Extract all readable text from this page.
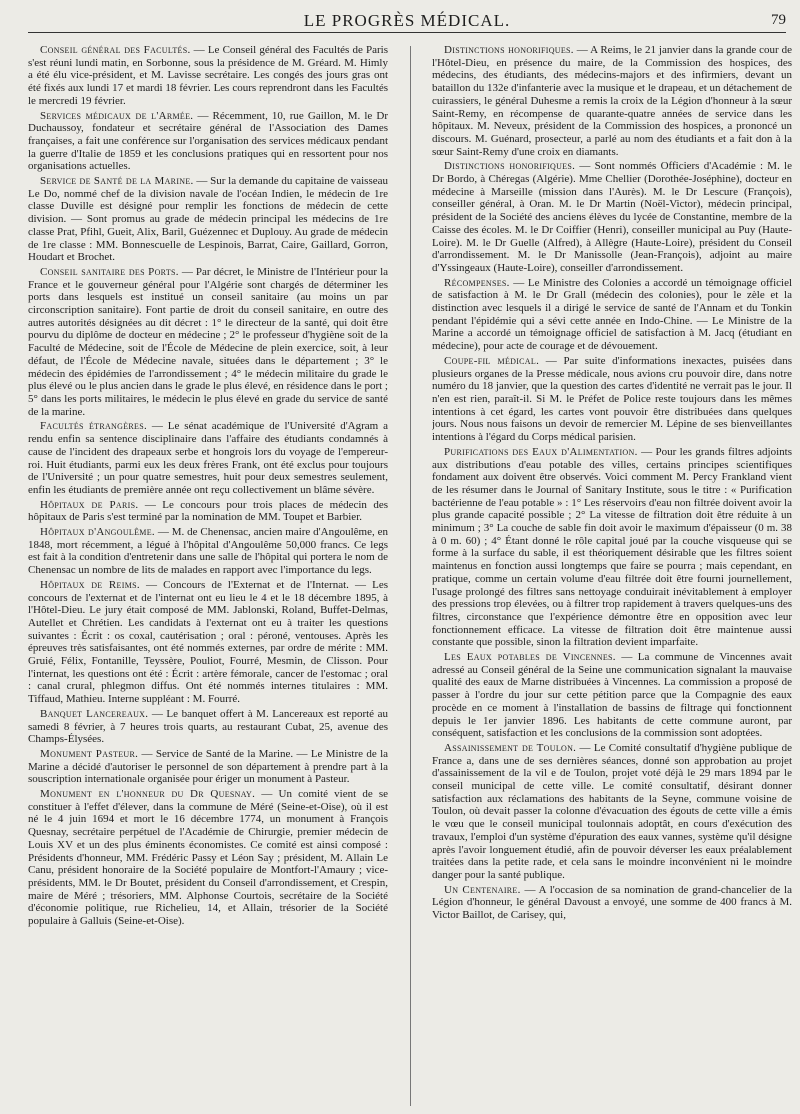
LE PROGRÈS MÉDICAL.	79

Conseil général des Facultés. — Le Conseil général des Facultés de Paris s'est réuni lundi matin, en Sorbonne, sous la présidence de M. Gréard. M. Himly a été élu vice-président, et M. Lavisse secrétaire. Les congés des jours gras ont été fixés aux lundi 17 et mardi 18 février. Les cours reprendront dans les Facultés le mercredi 19 février.

Services médicaux de l'Armée. — Récemment, 10, rue Gaillon, M. le Dr Duchaussoy, fondateur et secrétaire général de l'Association des Dames françaises, a fait une conférence sur l'organisation des services médicaux pendant la guerre d'Italie de 1859 et les conclusions pratiques qui en ressortent pour nos organisations actuelles.

Service de Santé de la Marine. — Sur la demande du capitaine de vaisseau Le Do, nommé chef de la division navale de l'océan Indien, le médecin de 1re classe Duville est désigné pour remplir les fonctions de médecin de cette division. — Sont promus au grade de médecin principal les médecins de 1re classe Prat, Pfihl, Gueit, Alix, Baril, Guézennec et Duplouy. Au grade de médecin de 1re classe : MM. Bonnescuelle de Lespinois, Barrat, Caire, Gaillard, Gorron, Houdart et Brochet.

Conseil sanitaire des Ports. — Par décret, le Ministre de l'Intérieur pour la France et le gouverneur général pour l'Algérie sont chargés de déterminer les ports dans lesquels est institué un conseil sanitaire (au moins un par circonscription sanitaire). Font partie de droit du conseil sanitaire, en outre des autres autorités désignées au dit décret : 1° le directeur de la santé, qui doit être pourvu du diplôme de docteur en médecine ; 2° le professeur d'hygiène soit de la Faculté de Médecine, soit de l'École de Médecine de plein exercice, soit, à leur défaut, de l'École de Médecine navale, situées dans le département ; 3° le médecin des épidémies de l'arrondissement ; 4° le médecin militaire du grade le plus élevé ou le plus ancien dans le grade le plus élevé, en résidence dans le port ; 5° dans les ports militaires, le médecin le plus élevé en grade du service de santé de la marine.

Facultés étrangères. — Le sénat académique de l'Université d'Agram a rendu enfin sa sentence disciplinaire dans l'affaire des étudiants condamnés à cause de l'incident des drapeaux serbe et hongrois lors du voyage de l'empereur-roi. Huit étudiants, parmi eux les deux frères Frank, ont été exclus pour toujours de l'Université ; un pour quatre semestres, huit pour deux semestres seulement, enfin les étudiants de première année ont reçu collectivement un blâme sévère.

Hôpitaux de Paris. — Le concours pour trois places de médecin des hôpitaux de Paris s'est terminé par la nomination de MM. Toupet et Barbier.

Hôpitaux d'Angoulême. — M. de Chenensac, ancien maire d'Angoulême, en 1848, mort récemment, a légué à l'hôpital d'Angoulême 50,000 francs. Ce legs est fait à la condition d'entretenir dans une salle de l'hôpital qui portera le nom de Chenensac un nombre de lits de malades en rapport avec l'importance du legs.

Hôpitaux de Reims. — Concours de l'Externat et de l'Internat. — Les concours de l'externat et de l'internat ont eu lieu le 4 et le 18 décembre 1895, à l'Hôtel-Dieu. Le jury était composé de MM. Jablonski, Roland, Buffet-Delmas, Autellet et Chrétien. Les candidats à l'externat ont eu à traiter les questions suivantes : Écrit : os coxal, cautérisation ; oral : péroné, ventouses. Après les épreuves très satisfaisantes, ont été nommés externes, par ordre de mérite : MM. Gruié, Félix, Fontanille, Teyssère, Pouliot, Fourré, Mesmin, de Clisson. Pour l'internat, les questions ont été : Écrit : artère fémorale, cancer de l'estomac ; oral : canal crural, phlegmon diffus. Ont été nommés internes titulaires : MM. Tiffaud, Mathieu. Interne suppléant : M. Fourré.

Banquet Lancereaux. — Le banquet offert à M. Lancereaux est reporté au samedi 8 février, à 7 heures trois quarts, au restaurant Cubat, 25, avenue des Champs-Élysées.

Monument Pasteur. — Service de Santé de la Marine. — Le Ministre de la Marine a décidé d'autoriser le personnel de son département à prendre part à la souscription internationale organisée pour ériger un monument à Pasteur.

Monument en l'honneur du Dr Quesnay. — Un comité vient de se constituer à l'effet d'élever, dans la commune de Méré (Seine-et-Oise), où il est né le 4 juin 1694 et mort le 16 décembre 1774, un monument à François Quesnay, secrétaire perpétuel de l'Académie de Chirurgie, premier médecin de Louis XV et un des plus éminents économistes. Ce comité est ainsi composé : Présidents d'honneur, MM. Frédéric Passy et Léon Say ; président, M. Allain Le Canu, président honoraire de la Société populaire de Montfort-l'Amaury ; vice-présidents, MM. le Dr Boutet, président du Conseil d'arrondissement, et Crespin, maire de Méré ; trésoriers, MM. Alphonse Courtois, secrétaire de la Société d'économie politique, rue Richelieu, 14, et Allain, trésorier de la Société populaire à Galluis (Seine-et-Oise).

Distinctions honorifiques. — A Reims, le 21 janvier dans la grande cour de l'Hôtel-Dieu, en présence du maire, de la Commission des hospices, des médecins, des étudiants, des médecins-majors et des infirmiers, devant un bataillon du 132e d'infanterie avec la musique et le drapeau, et un détachement de cuirassiers, le général Duhesme a remis la croix de la Légion d'honneur à la sœur Saint-Remy, en récompense de quarante-quatre années de service dans les hôpitaux. M. Neveux, président de la Commission des hospices, a prononcé un discours. M. Guénard, prosecteur, a parlé au nom des étudiants et a fait don à la sœur Saint-Remy d'une croix en diamants.

Distinctions honorifiques. — Sont nommés Officiers d'Académie : M. le Dr Bordo, à Chéregas (Algérie). Mme Chellier (Dorothée-Joséphine), docteur en médecine à Marseille (mission dans l'Aurès). M. le Dr Lescure (François), conseiller général, à Oran. M. le Dr Martin (Noël-Victor), médecin principal, président de la Société des anciens élèves du lycée de Constantine, membre de la Caisse des écoles. M. le Dr Coiffier (Henri), conseiller municipal au Puy (Haute-Loire). M. le Dr Guelle (Alfred), à Allègre (Haute-Loire), président du Conseil d'arrondissement. M. le Dr Manissolle (Jean-François), adjoint au maire d'Yssingeaux (Haute-Loire), conseiller d'arrondissement.

Récompenses. — Le Ministre des Colonies a accordé un témoignage officiel de satisfaction à M. le Dr Grall (médecin des colonies), pour le zèle et la distinction avec lesquels il a dirigé le service de santé de l'Annam et du Tonkin pendant l'épidémie qui a sévi cette année en Indo-Chine. — Le Ministre de la Marine a accordé un témoignage officiel de satisfaction à M. Jacq (étudiant en médecine), pour acte de courage et de dévouement.

Coupe-fil médical. — Par suite d'informations inexactes, puisées dans plusieurs organes de la Presse médicale, nous avions cru pouvoir dire, dans notre numéro du 18 janvier, que la question des cartes d'identité ne verrait pas le jour. Il n'en est rien, paraît-il. Si M. le Préfet de Police reste toujours dans les mêmes intentions à cet égard, les cartes vont pouvoir être distribuées dans quelques jours. Nous nous faisons un devoir de remercier M. Lépine de ses bienveillantes intentions à l'égard du Corps médical parisien.

Purifications des Eaux d'Alimentation. — Pour les grands filtres adjoints aux distributions d'eau potable des villes, certains principes scientifiques fondament aux doivent être observés. Voici comment M. Percy Frankland vient de les résumer dans le Journal of Sanitary Institute, sous le titre : « Purification bactérienne de l'eau potable » : 1° Les réservoirs d'eau non filtrée doivent avoir la plus grande capacité possible ; 2° La vitesse de filtration doit être réduite à un minimum ; 3° La couche de sable fin doit avoir le maximum d'épaisseur (0 m. 38 à 0 m. 60) ; 4° Étant donné le rôle capital joué par la couche visqueuse qui se forme à la surface du sable, il est théoriquement désirable que les filtres soient maintenus en fonction aussi longtemps que faire se pourra ; mais cependant, en pratique, comme un certain volume d'eau filtrée doit être fourni journellement, l'usage prolongé des filtres sans nettoyage conduirait inévitablement à employer des pressions trop élevées, ou à filtrer trop rapidement à travers quelques-uns des filtres, circonstance que l'expérience démontre être en opposition avec leur fonctionnement efficace. La vitesse de filtration doit être maintenue aussi constante que possible, sinon la filtration devient imparfaite.

Les Eaux potables de Vincennes. — La commune de Vincennes avait adressé au Conseil général de la Seine une communication signalant la mauvaise qualité des eaux de Marne distribuées à Vincennes. La commission a proposé de passer à l'ordre du jour sur cette pétition parce que la Compagnie des eaux procède en ce moment à l'installation de bassins de filtrage qui fonctionnent depuis le 1er janvier 1896. Les habitants de cette commune auront, par conséquent, satisfaction et les conclusions de la commission sont adoptées.

Assainissement de Toulon. — Le Comité consultatif d'hygiène publique de France a, dans une de ses dernières séances, donné son approbation au projet d'assainissement de la vil e de Toulon, projet voté déjà le 29 mars 1894 par le conseil municipal de cette ville. Le comité consultatif, désirant donner satisfaction aux réclamations des habitants de la Seyne, commune voisine de Toulon, où devait passer la colonne d'évacuation des égouts de cette ville a émis le vœu que le conseil municipal toulonnais adoptât, en cours d'exécution des travaux, l'emploi d'un système d'épuration des eaux vannes, système qu'il désigne après l'avoir longuement étudié, afin de pouvoir déverser les eaux préalablement traitées dans la petite rade, et cela sans le moindre inconvénient ni le moindre danger pour la santé publique.

Un Centenaire. — A l'occasion de sa nomination de grand-chancelier de la Légion d'honneur, le général Davoust a envoyé, une somme de 400 francs à M. Victor Baillot, de Carisey, qui,
